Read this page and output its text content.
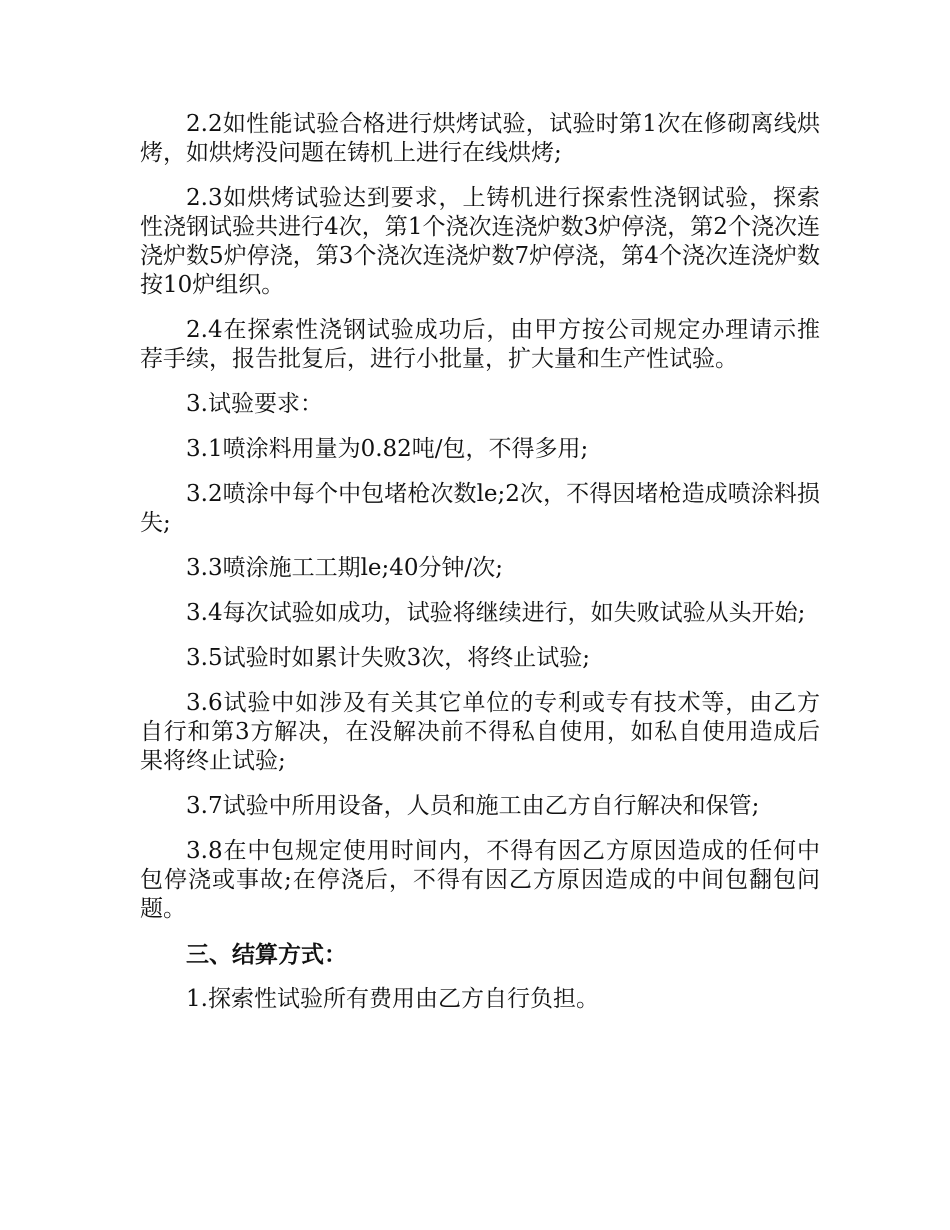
2.2如性能试验合格进行烘烤试验，试验时第1次在修砌离线烘烤，如烘烤没问题在铸机上进行在线烘烤;

2.3如烘烤试验达到要求，上铸机进行探索性浇钢试验，探索性浇钢试验共进行4次，第1个浇次连浇炉数3炉停浇，第2个浇次连浇炉数5炉停浇，第3个浇次连浇炉数7炉停浇，第4个浇次连浇炉数按10炉组织。

2.4在探索性浇钢试验成功后，由甲方按公司规定办理请示推荐手续，报告批复后，进行小批量，扩大量和生产性试验。

3.试验要求：

3.1喷涂料用量为0.82吨/包，不得多用;

3.2喷涂中每个中包堵枪次数le;2次，不得因堵枪造成喷涂料损失;

3.3喷涂施工工期le;40分钟/次;

3.4每次试验如成功，试验将继续进行，如失败试验从头开始;

3.5试验时如累计失败3次，将终止试验;

3.6试验中如涉及有关其它单位的专利或专有技术等，由乙方自行和第3方解决，在没解决前不得私自使用，如私自使用造成后果将终止试验;

3.7试验中所用设备，人员和施工由乙方自行解决和保管;

3.8在中包规定使用时间内，不得有因乙方原因造成的任何中包停浇或事故;在停浇后，不得有因乙方原因造成的中间包翻包问题。

三、结算方式：

1.探索性试验所有费用由乙方自行负担。
